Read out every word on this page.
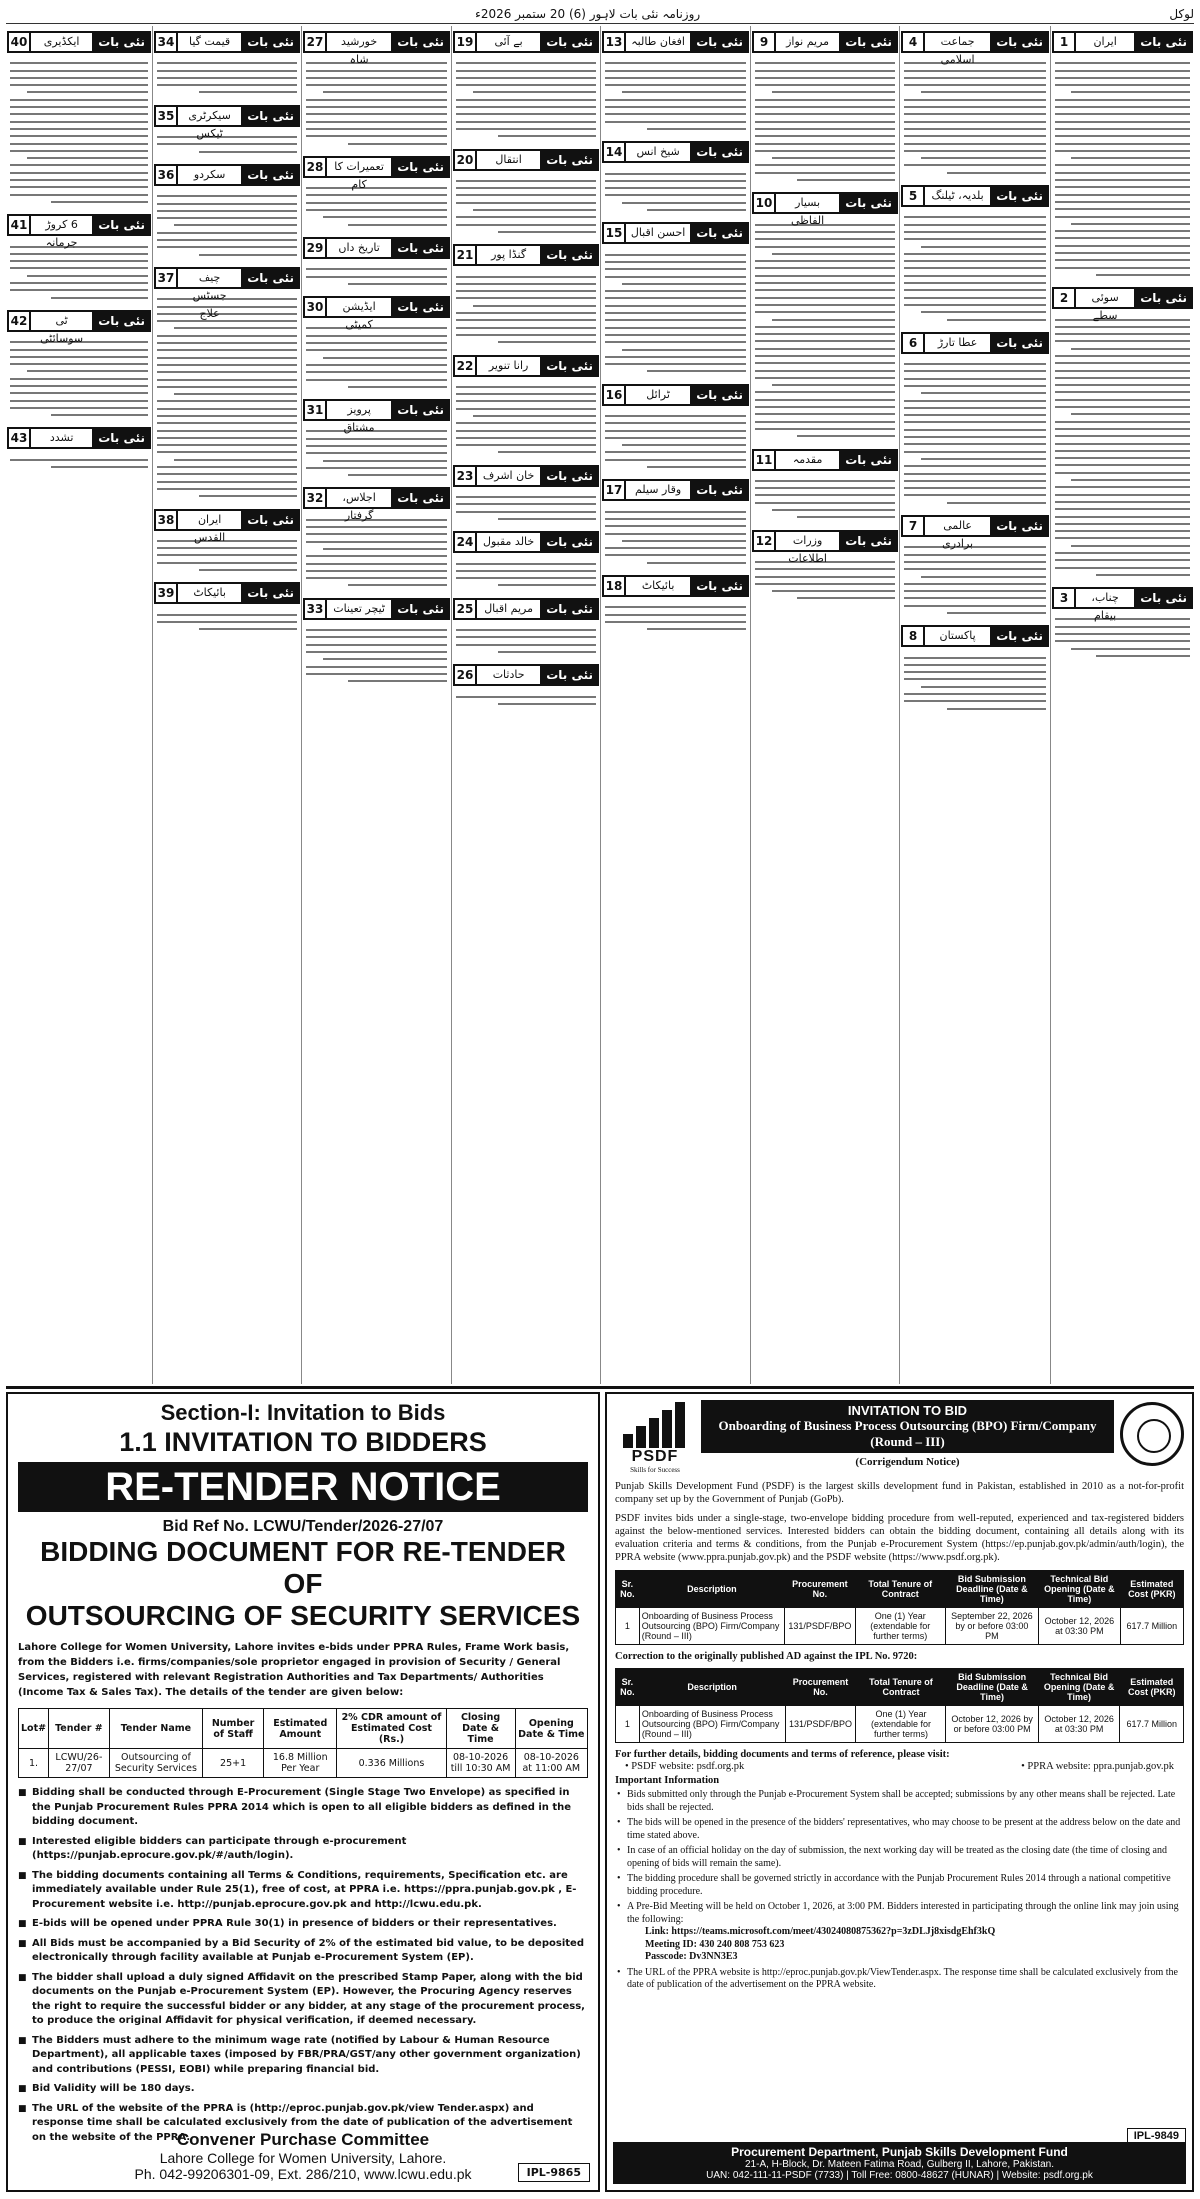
روزنامہ نئی بات لاہور (6) 20 ستمبر 2026ء	لوکل
نئی بات
ایران
1
نئی بات
سوئی سطے
2
نئی بات
چناب، بیقام
3
نئی بات
جماعت اسلامی
4
نئی بات
بلدیہ، ٹیلنگ
5
نئی بات
عطا تارڑ
6
نئی بات
عالمی برادری
7
نئی بات
پاکستان
8
نئی بات
مریم نواز
9
نئی بات
بسیار الفاظی
10
نئی بات
مقدمہ
11
نئی بات
وزرات اطلاعات
12
نئی بات
افغان طالبہ
13
نئی بات
شیخ انس
14
نئی بات
احسن اقبال
15
نئی بات
ٹرائل
16
نئی بات
وقار سیلم
17
نئی بات
بائیکاٹ
18
نئی بات
بے آئی
19
نئی بات
انتقال
20
نئی بات
گنڈا پور
21
نئی بات
رانا تنویر
22
نئی بات
خان اشرف
23
نئی بات
خالد مقبول
24
نئی بات
مریم اقبال
25
نئی بات
حادثات
26
نئی بات
خورشید شاہ
27
نئی بات
تعمیرات کا کام
28
نئی بات
تاریخ داں
29
نئی بات
ایڈیشن کمیٹی
30
نئی بات
پرویز مشتاق
31
نئی بات
اجلاس، گرفتار
32
نئی بات
ٹیچر تعینات
33
نئی بات
قیمت گیا
34
نئی بات
سیکرٹری ٹیکس
35
نئی بات
سکردو
36
نئی بات
چیف جسٹس علاج
37
نئی بات
ایران القدس
38
نئی بات
بائیکاٹ
39
نئی بات
ایکڈیری
40
نئی بات
6 کروڑ جرمانہ
41
نئی بات
ٹی سوسائٹی
42
نئی بات
تشدد
43
Section-I: Invitation to Bids
1.1 INVITATION TO BIDDERS
RE-TENDER NOTICE
Bid Ref No. LCWU/Tender/2026-27/07
BIDDING DOCUMENT FOR RE-TENDER OF
OUTSOURCING OF SECURITY SERVICES
Lahore College for Women University, Lahore invites e-bids under PPRA Rules, Frame Work basis, from the Bidders i.e. firms/companies/sole proprietor engaged in provision of Security / General Services, registered with relevant Registration Authorities and Tax Departments/ Authorities (Income Tax & Sales Tax). The details of the tender are given below:
Lot#	Tender #	Tender Name	Number of Staff	Estimated Amount	2% CDR amount of Estimated Cost (Rs.)	Closing Date & Time	Opening Date & Time
1.	LCWU/26-27/07	Outsourcing of Security Services	25+1	16.8 Million Per Year	0.336 Millions	08-10-2026 till 10:30 AM	08-10-2026 at 11:00 AM
■ Bidding shall be conducted through E-Procurement (Single Stage Two Envelope) as specified in the Punjab Procurement Rules PPRA 2014 which is open to all eligible bidders as defined in the bidding document.
■ Interested eligible bidders can participate through e-procurement (https://punjab.eprocure.gov.pk/#/auth/login).
■ The bidding documents containing all Terms & Conditions, requirements, Specification etc. are immediately available under Rule 25(1), free of cost, at PPRA i.e. https://ppra.punjab.gov.pk , E-Procurement website i.e. http://punjab.eprocure.gov.pk and http://lcwu.edu.pk.
■ E-bids will be opened under PPRA Rule 30(1) in presence of bidders or their representatives.
■ All Bids must be accompanied by a Bid Security of 2% of the estimated bid value, to be deposited electronically through facility available at Punjab e-Procurement System (EP).
■ The bidder shall upload a duly signed Affidavit on the prescribed Stamp Paper, along with the bid documents on the Punjab e-Procurement System (EP). However, the Procuring Agency reserves the right to require the successful bidder or any bidder, at any stage of the procurement process, to produce the original Affidavit for physical verification, if deemed necessary.
■ The Bidders must adhere to the minimum wage rate (notified by Labour & Human Resource Department), all applicable taxes (imposed by FBR/PRA/GST/any other government organization) and contributions (PESSI, EOBI) while preparing financial bid.
■ Bid Validity will be 180 days.
■ The URL of the website of the PPRA is (http://eproc.punjab.gov.pk/view Tender.aspx) and response time shall be calculated exclusively from the date of publication of the advertisement on the website of the PPRA.
Convener Purchase Committee
Lahore College for Women University, Lahore.
Ph. 042-99206301-09, Ext. 286/210, www.lcwu.edu.pk	IPL-9865
PSDF
Skills for Success
INVITATION TO BID
Onboarding of Business Process Outsourcing (BPO) Firm/Company (Round – III)
(Corrigendum Notice)

Punjab Skills Development Fund (PSDF) is the largest skills development fund in Pakistan, established in 2010 as a not-for-profit company set up by the Government of Punjab (GoPb).

PSDF invites bids under a single-stage, two-envelope bidding procedure from well-reputed, experienced and tax-registered bidders against the below-mentioned services. Interested bidders can obtain the bidding document, containing all details along with its evaluation criteria and terms & conditions, from the Punjab e-Procurement System (https://ep.punjab.gov.pk/admin/auth/login), the PPRA website (www.ppra.punjab.gov.pk) and the PSDF website (https://www.psdf.org.pk).

Sr. No.	Description	Procurement No.	Total Tenure of Contract	Bid Submission Deadline (Date & Time)	Technical Bid Opening (Date & Time)	Estimated Cost (PKR)
1	Onboarding of Business Process Outsourcing (BPO) Firm/Company (Round – III)	131/PSDF/BPO	One (1) Year (extendable for further terms)	September 22, 2026 by or before 03:00 PM	October 12, 2026 at 03:30 PM	617.7 Million
Correction to the originally published AD against the IPL No. 9720:
Sr. No.	Description	Procurement No.	Total Tenure of Contract	Bid Submission Deadline (Date & Time)	Technical Bid Opening (Date & Time)	Estimated Cost (PKR)
1	Onboarding of Business Process Outsourcing (BPO) Firm/Company (Round – III)	131/PSDF/BPO	One (1) Year (extendable for further terms)	October 12, 2026 by or before 03:00 PM	October 12, 2026 at 03:30 PM	617.7 Million
For further details, bidding documents and terms of reference, please visit:
• PSDF website: psdf.org.pk	• PPRA website: ppra.punjab.gov.pk
Important Information
• Bids submitted only through the Punjab e-Procurement System shall be accepted; submissions by any other means shall be rejected. Late bids shall be rejected.
• The bids will be opened in the presence of the bidders' representatives, who may choose to be present at the address below on the date and time stated above.
• In case of an official holiday on the day of submission, the next working day will be treated as the closing date (the time of closing and opening of bids will remain the same).
• The bidding procedure shall be governed strictly in accordance with the Punjab Procurement Rules 2014 through a national competitive bidding procedure.
• A Pre-Bid Meeting will be held on October 1, 2026, at 3:00 PM. Bidders interested in participating through the online link may join using the following:
Link: https://teams.microsoft.com/meet/43024080875362?p=3zDLJj8xisdgEhf3kQ
Meeting ID: 430 240 808 753 623
Passcode: Dv3NN3E3
• The URL of the PPRA website is http://eproc.punjab.gov.pk/ViewTender.aspx. The response time shall be calculated exclusively from the date of publication of the advertisement on the PPRA website.
IPL-9849
Procurement Department, Punjab Skills Development Fund
21-A, H-Block, Dr. Mateen Fatima Road, Gulberg II, Lahore, Pakistan.
UAN: 042-111-11-PSDF (7733) | Toll Free: 0800-48627 (HUNAR) | Website: psdf.org.pk
